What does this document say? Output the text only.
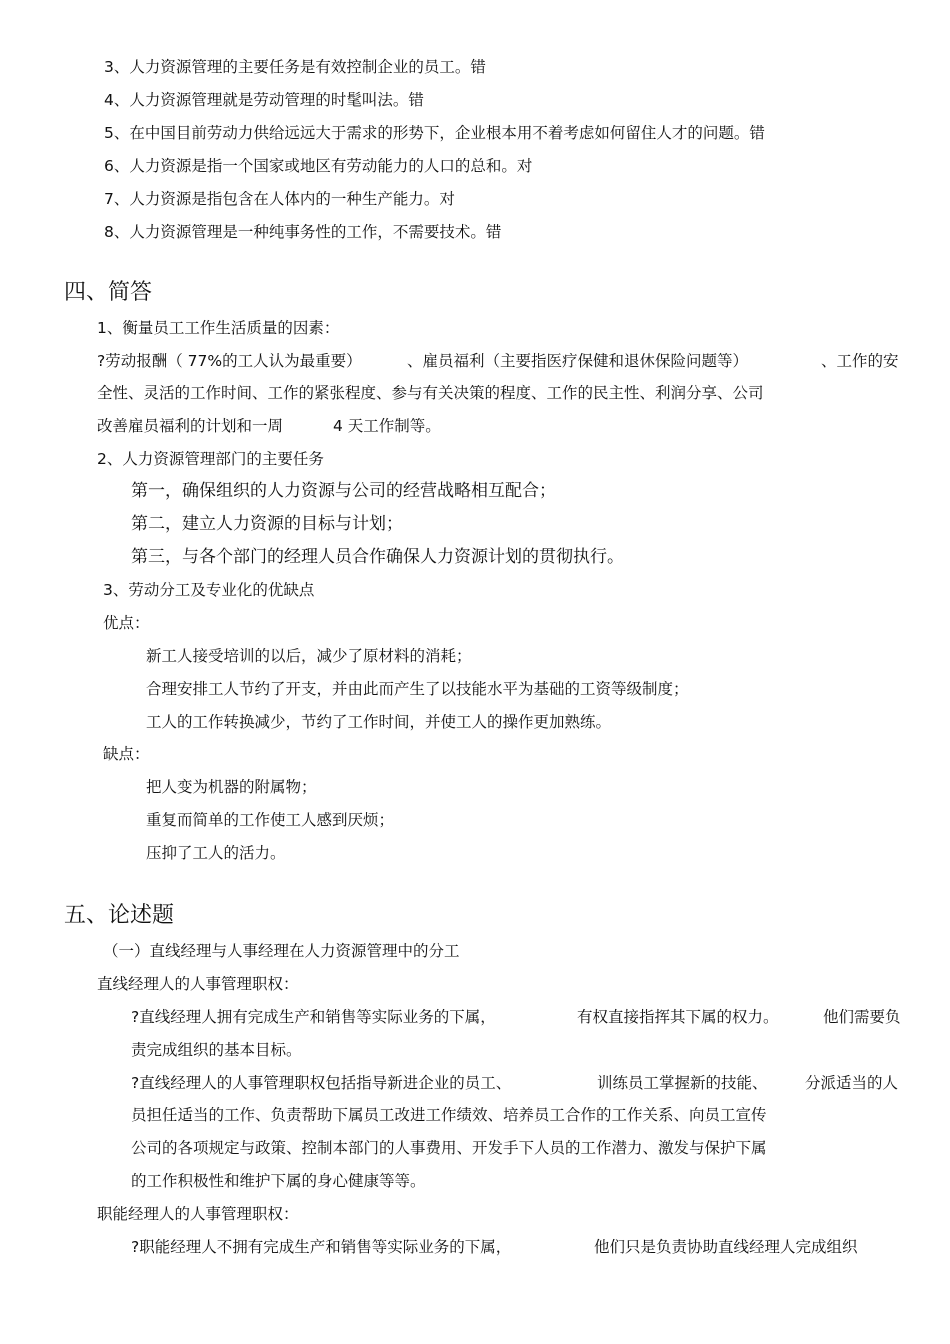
3、人力资源管理的主要任务是有效控制企业的员工。错
4、人力资源管理就是劳动管理的时髦叫法。错
5、在中国目前劳动力供给远远大于需求的形势下，企业根本用不着考虑如何留住人才的问题。错
6、人力资源是指一个国家或地区有劳动能力的人口的总和。对
7、人力资源是指包含在人体内的一种生产能力。对
8、人力资源管理是一种纯事务性的工作，不需要技术。错
四、简答
1、衡量员工工作生活质量的因素：
?劳动报酬（ 77%的工人认为最重要）	、雇员福利（主要指医疗保健和退休保险问题等）	、工作的安
全性、灵活的工作时间、工作的紧张程度、参与有关决策的程度、工作的民主性、利润分享、公司
改善雇员福利的计划和一周	4 天工作制等。
2、人力资源管理部门的主要任务
第一，确保组织的人力资源与公司的经营战略相互配合；
第二，建立人力资源的目标与计划；
第三，与各个部门的经理人员合作确保人力资源计划的贯彻执行。
3、劳动分工及专业化的优缺点
优点：
新工人接受培训的以后，减少了原材料的消耗；
合理安排工人节约了开支，并由此而产生了以技能水平为基础的工资等级制度；
工人的工作转换减少，节约了工作时间，并使工人的操作更加熟练。
缺点：
把人变为机器的附属物；
重复而简单的工作使工人感到厌烦；
压抑了工人的活力。
五、论述题
（一）直线经理与人事经理在人力资源管理中的分工
直线经理人的人事管理职权：
?直线经理人拥有完成生产和销售等实际业务的下属，	有权直接指挥其下属的权力。	他们需要负
责完成组织的基本目标。
?直线经理人的人事管理职权包括指导新进企业的员工、	训练员工掌握新的技能、 分派适当的人
员担任适当的工作、负责帮助下属员工改进工作绩效、培养员工合作的工作关系、向员工宣传
公司的各项规定与政策、控制本部门的人事费用、开发手下人员的工作潜力、激发与保护下属
的工作积极性和维护下属的身心健康等等。
职能经理人的人事管理职权：
?职能经理人不拥有完成生产和销售等实际业务的下属，	他们只是负责协助直线经理人完成组织
